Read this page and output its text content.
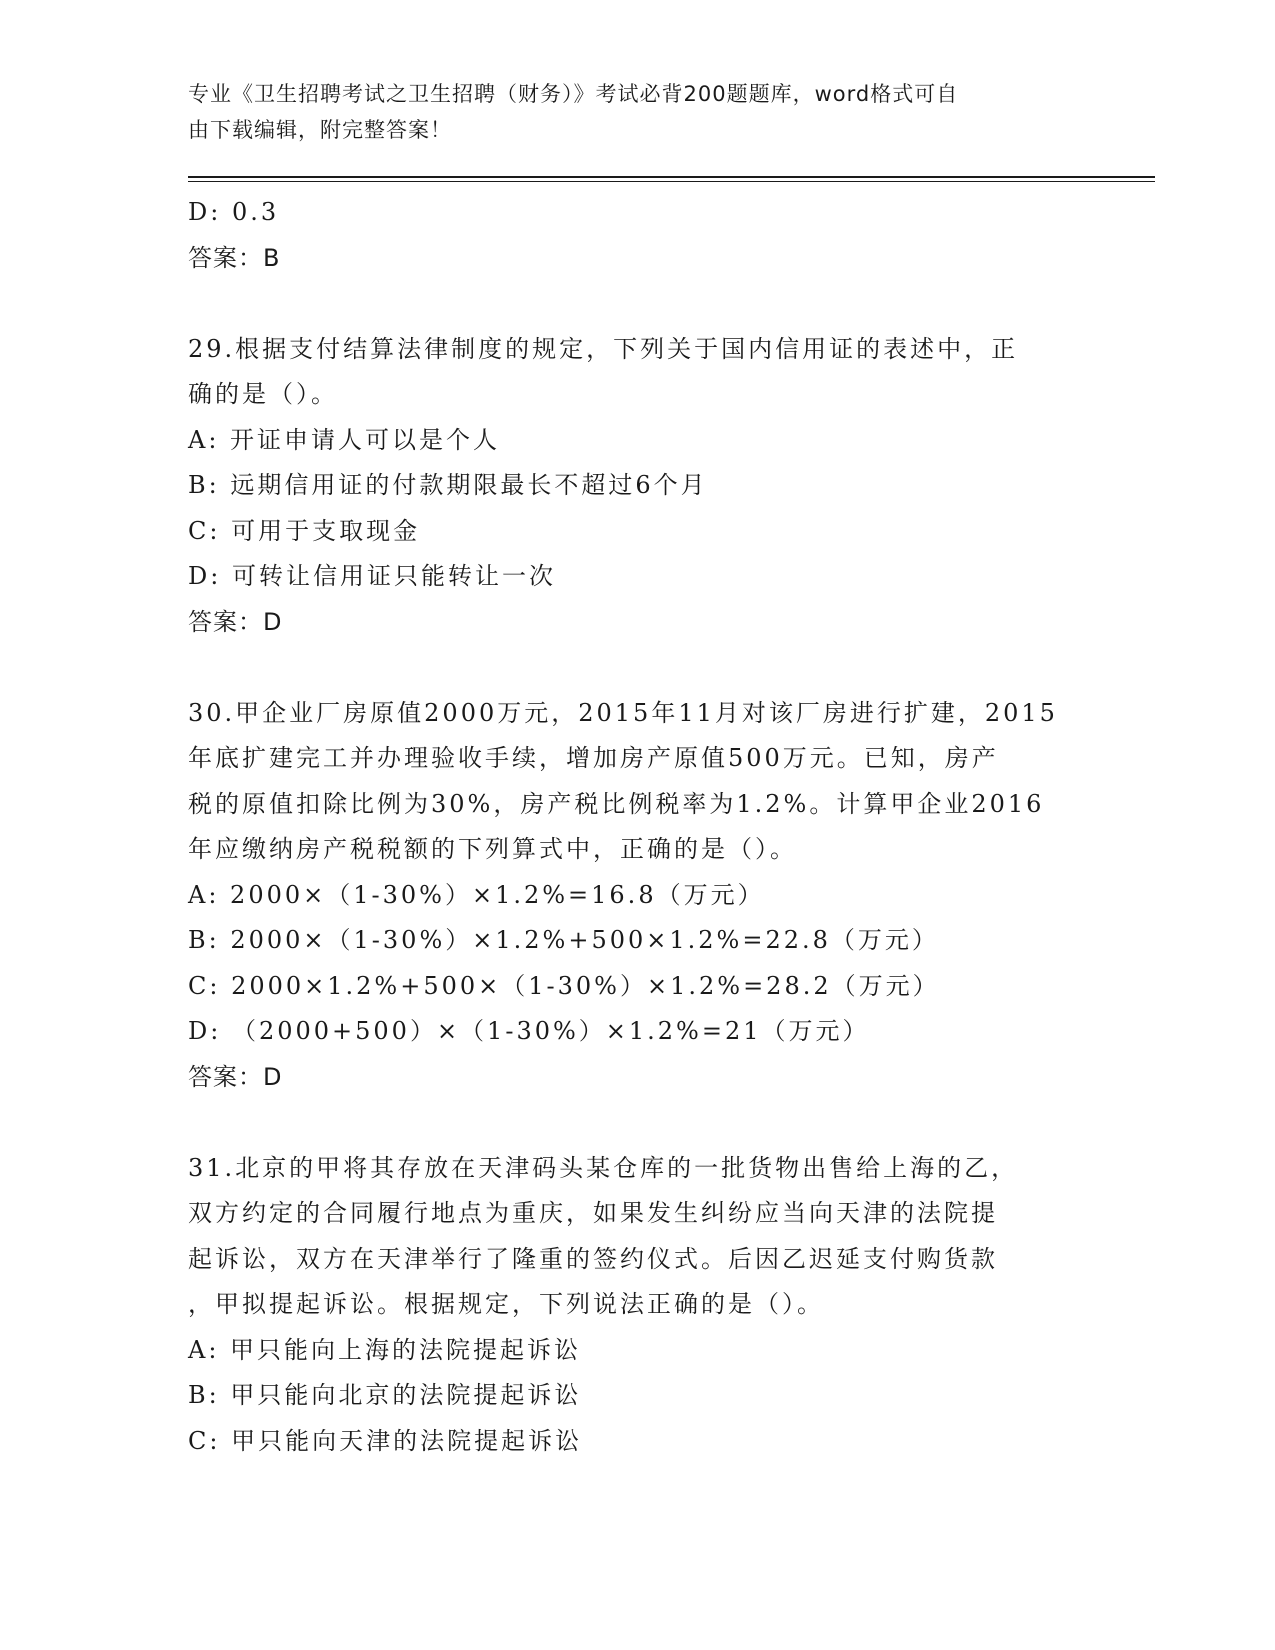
专业《卫生招聘考试之卫生招聘（财务）》考试必背200题题库，word格式可自
由下载编辑，附完整答案！
D: 0.3
答案：B
29.根据支付结算法律制度的规定，下列关于国内信用证的表述中，正
确的是（）。
A: 开证申请人可以是个人
B: 远期信用证的付款期限最长不超过6个月
C: 可用于支取现金
D: 可转让信用证只能转让一次
答案：D
30.甲企业厂房原值2000万元，2015年11月对该厂房进行扩建，2015
年底扩建完工并办理验收手续，增加房产原值500万元。已知，房产
税的原值扣除比例为30%，房产税比例税率为1.2%。计算甲企业2016
年应缴纳房产税税额的下列算式中，正确的是（）。
A: 2000×（1-30%）×1.2%=16.8（万元）
B: 2000×（1-30%）×1.2%+500×1.2%=22.8（万元）
C: 2000×1.2%+500×（1-30%）×1.2%=28.2（万元）
D: （2000+500）×（1-30%）×1.2%=21（万元）
答案：D
31.北京的甲将其存放在天津码头某仓库的一批货物出售给上海的乙，
双方约定的合同履行地点为重庆，如果发生纠纷应当向天津的法院提
起诉讼，双方在天津举行了隆重的签约仪式。后因乙迟延支付购货款
，甲拟提起诉讼。根据规定，下列说法正确的是（）。
A: 甲只能向上海的法院提起诉讼
B: 甲只能向北京的法院提起诉讼
C: 甲只能向天津的法院提起诉讼
